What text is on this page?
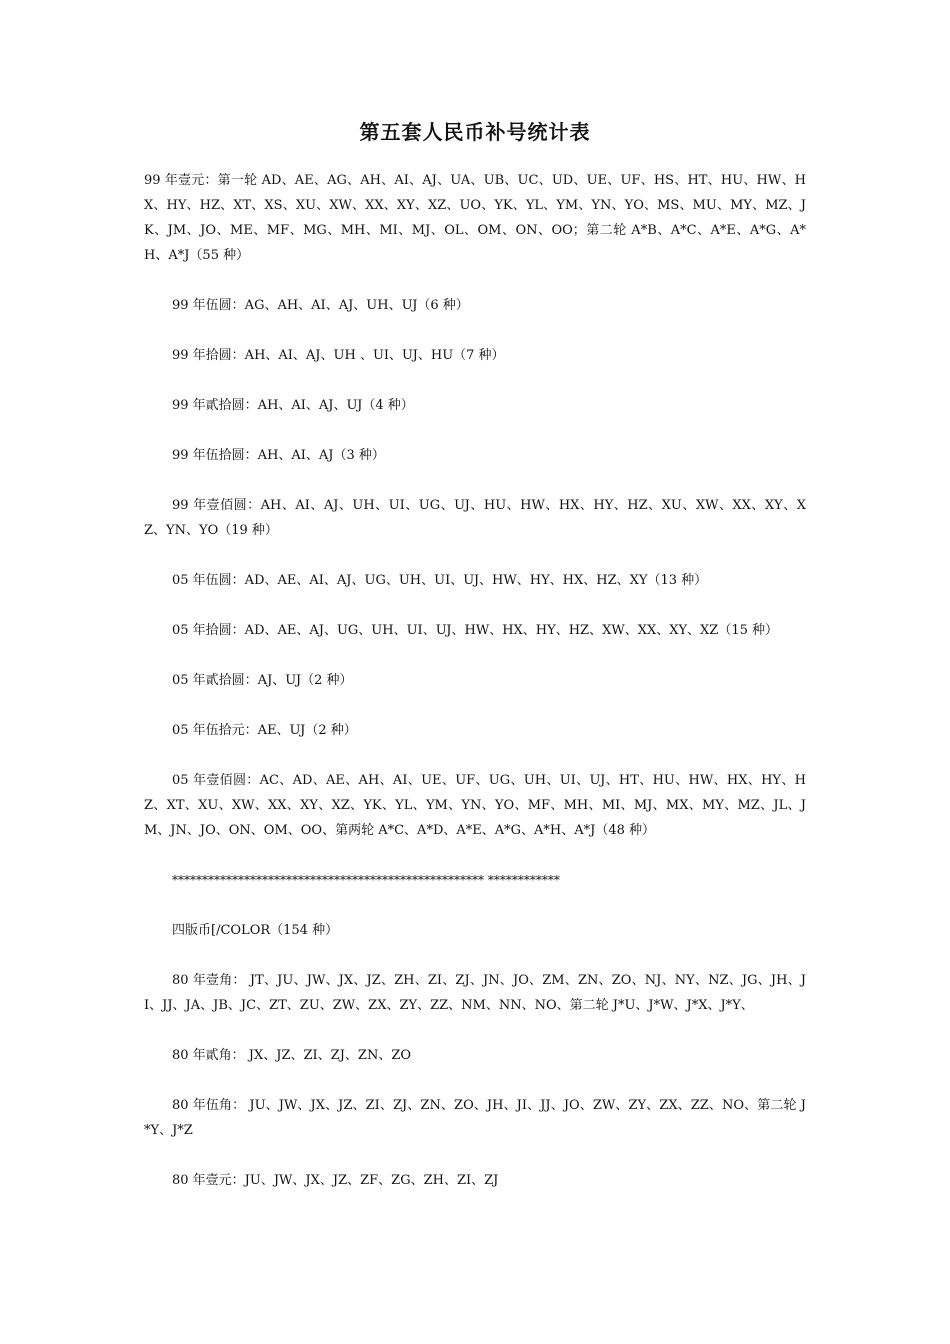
第五套人民币补号统计表

99 年壹元：第一轮 AD、AE、AG、AH、AI、AJ、UA、UB、UC、UD、UE、UF、HS、HT、HU、HW、HX、HY、HZ、XT、XS、XU、XW、XX、XY、XZ、UO、YK、YL、YM、YN、YO、MS、MU、MY、MZ、JK、JM、JO、ME、MF、MG、MH、MI、MJ、OL、OM、ON、OO；第二轮 A*B、A*C、A*E、A*G、A*H、A*J（55 种）

99 年伍圆：AG、AH、AI、AJ、UH、UJ（6 种）

99 年拾圆：AH、AI、AJ、UH 、UI、UJ、HU（7 种）

99 年貳拾圆：AH、AI、AJ、UJ（4 种）

99 年伍拾圆：AH、AI、AJ（3 种）

99 年壹佰圆：AH、AI、AJ、UH、UI、UG、UJ、HU、HW、HX、HY、HZ、XU、XW、XX、XY、XZ、YN、YO（19 种）

05 年伍圆：AD、AE、AI、AJ、UG、UH、UI、UJ、HW、HY、HX、HZ、XY（13 种）

05 年拾圆：AD、AE、AJ、UG、UH、UI、UJ、HW、HX、HY、HZ、XW、XX、XY、XZ（15 种）

05 年貳拾圆：AJ、UJ（2 种）

05 年伍拾元：AE、UJ（2 种）

05 年壹佰圆：AC、AD、AE、AH、AI、UE、UF、UG、UH、UI、UJ、HT、HU、HW、HX、HY、HZ、XT、XU、XW、XX、XY、XZ、YK、YL、YM、YN、YO、MF、MH、MI、MJ、MX、MY、MZ、JL、JM、JN、JO、ON、OM、OO、第两轮 A*C、A*D、A*E、A*G、A*H、A*J（48 种）

**************************************************** ************

四版币[/COLOR（154 种）

80 年壹角： JT、JU、JW、JX、JZ、ZH、ZI、ZJ、JN、JO、ZM、ZN、ZO、NJ、NY、NZ、JG、JH、JI、JJ、JA、JB、JC、ZT、ZU、ZW、ZX、ZY、ZZ、NM、NN、NO、第二轮 J*U、J*W、J*X、J*Y、

80 年貳角： JX、JZ、ZI、ZJ、ZN、ZO

80 年伍角： JU、JW、JX、JZ、ZI、ZJ、ZN、ZO、JH、JI、JJ、JO、ZW、ZY、ZX、ZZ、NO、第二轮 J*Y、J*Z

80 年壹元：JU、JW、JX、JZ、ZF、ZG、ZH、ZI、ZJ
